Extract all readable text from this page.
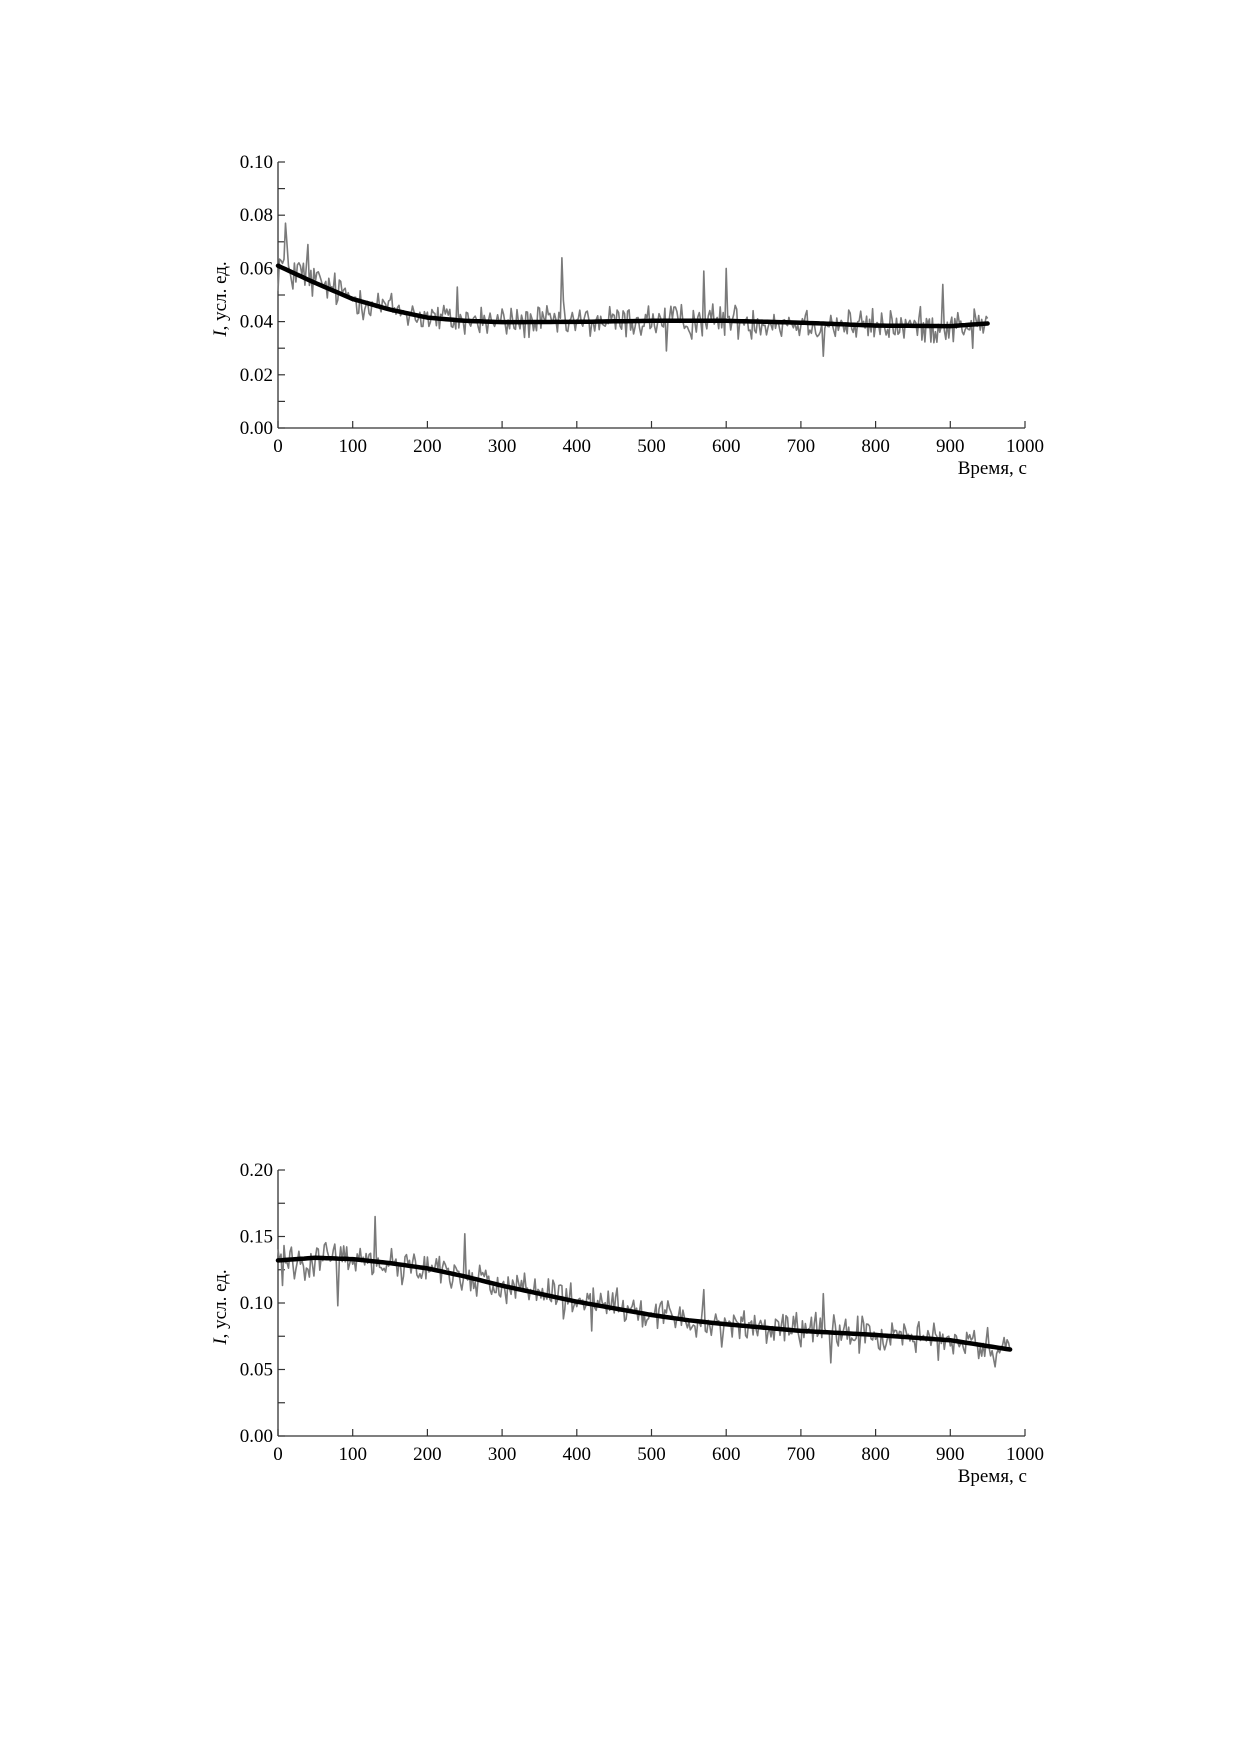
0.00
0.02
0.04
0.06
0.08
0.10
0	100 200 300 400 500 600 700 800 900 1000
Время, с
I, усл. ед.
0.00
0.05
0.10
0.15
0.20
0	100 200 300 400 500 600 700 800 900 1000
Время, с
I, усл. ед.
